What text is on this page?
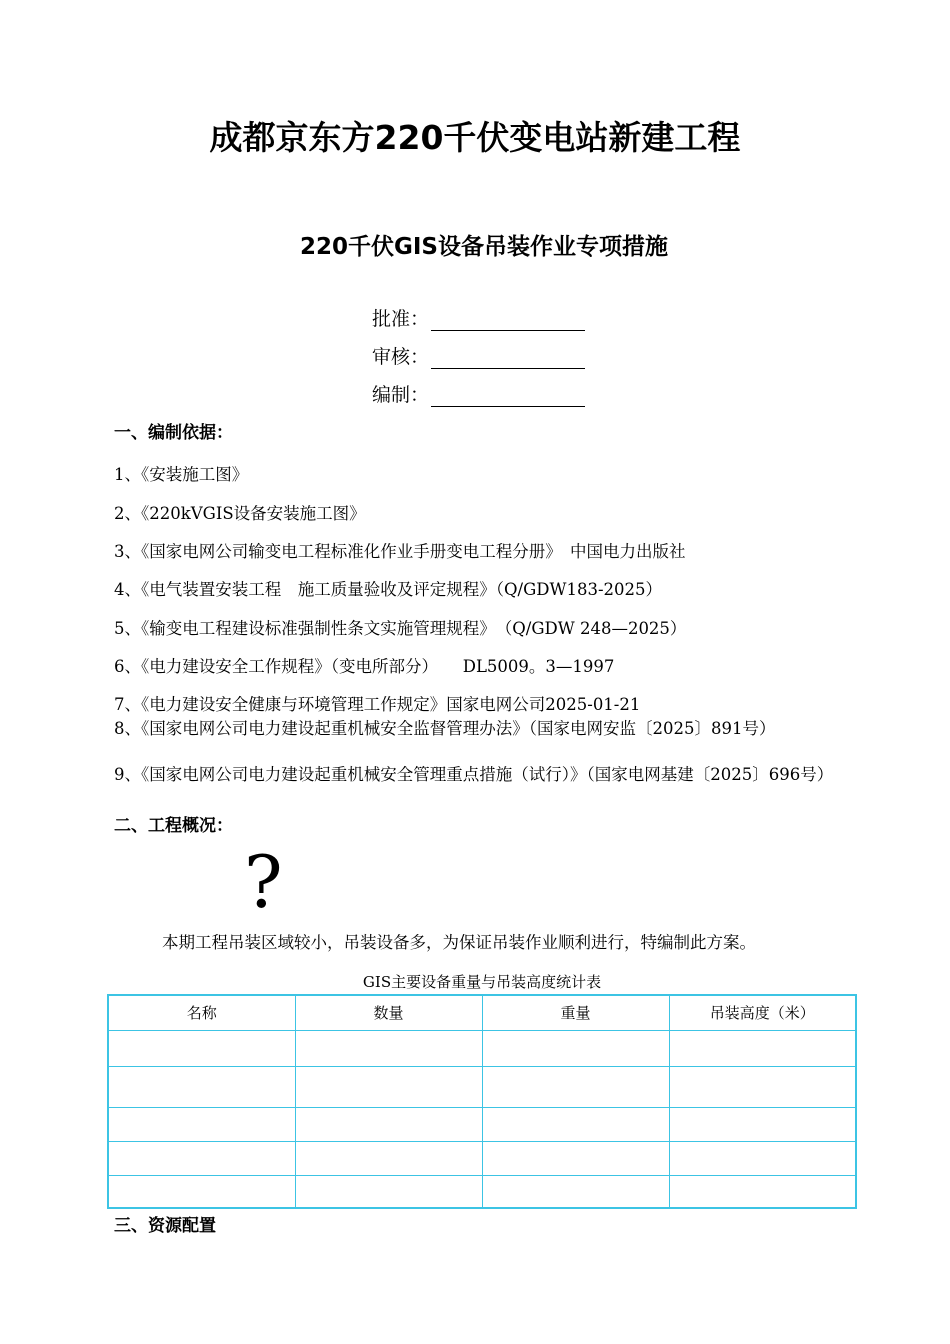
成都京东方220千伏变电站新建工程
220千伏GIS设备吊装作业专项措施
批准：
审核：
编制：
一、编制依据：
1、《安装施工图》
2、《220kVGIS设备安装施工图》
3、《国家电网公司输变电工程标准化作业手册变电工程分册》　中国电力出版社
4、《电气装置安装工程　施工质量验收及评定规程》（Q/GDW183-2025）
5、《输变电工程建设标准强制性条文实施管理规程》　（Q/GDW 248—2025）
6、《电力建设安全工作规程》（变电所部分）　　DL5009。3—1997
7、《电力建设安全健康与环境管理工作规定》国家电网公司2025-01-21
8、《国家电网公司电力建设起重机械安全监督管理办法》（国家电网安监〔2025〕891号）
9、《国家电网公司电力建设起重机械安全管理重点措施（试行）》（国家电网基建〔2025〕696号）
二、工程概况：
?
本期工程吊装区域较小，吊装设备多，为保证吊装作业顺利进行，特编制此方案。
GIS主要设备重量与吊装高度统计表
名称	数量	重量	吊装高度（米）

三、资源配置
